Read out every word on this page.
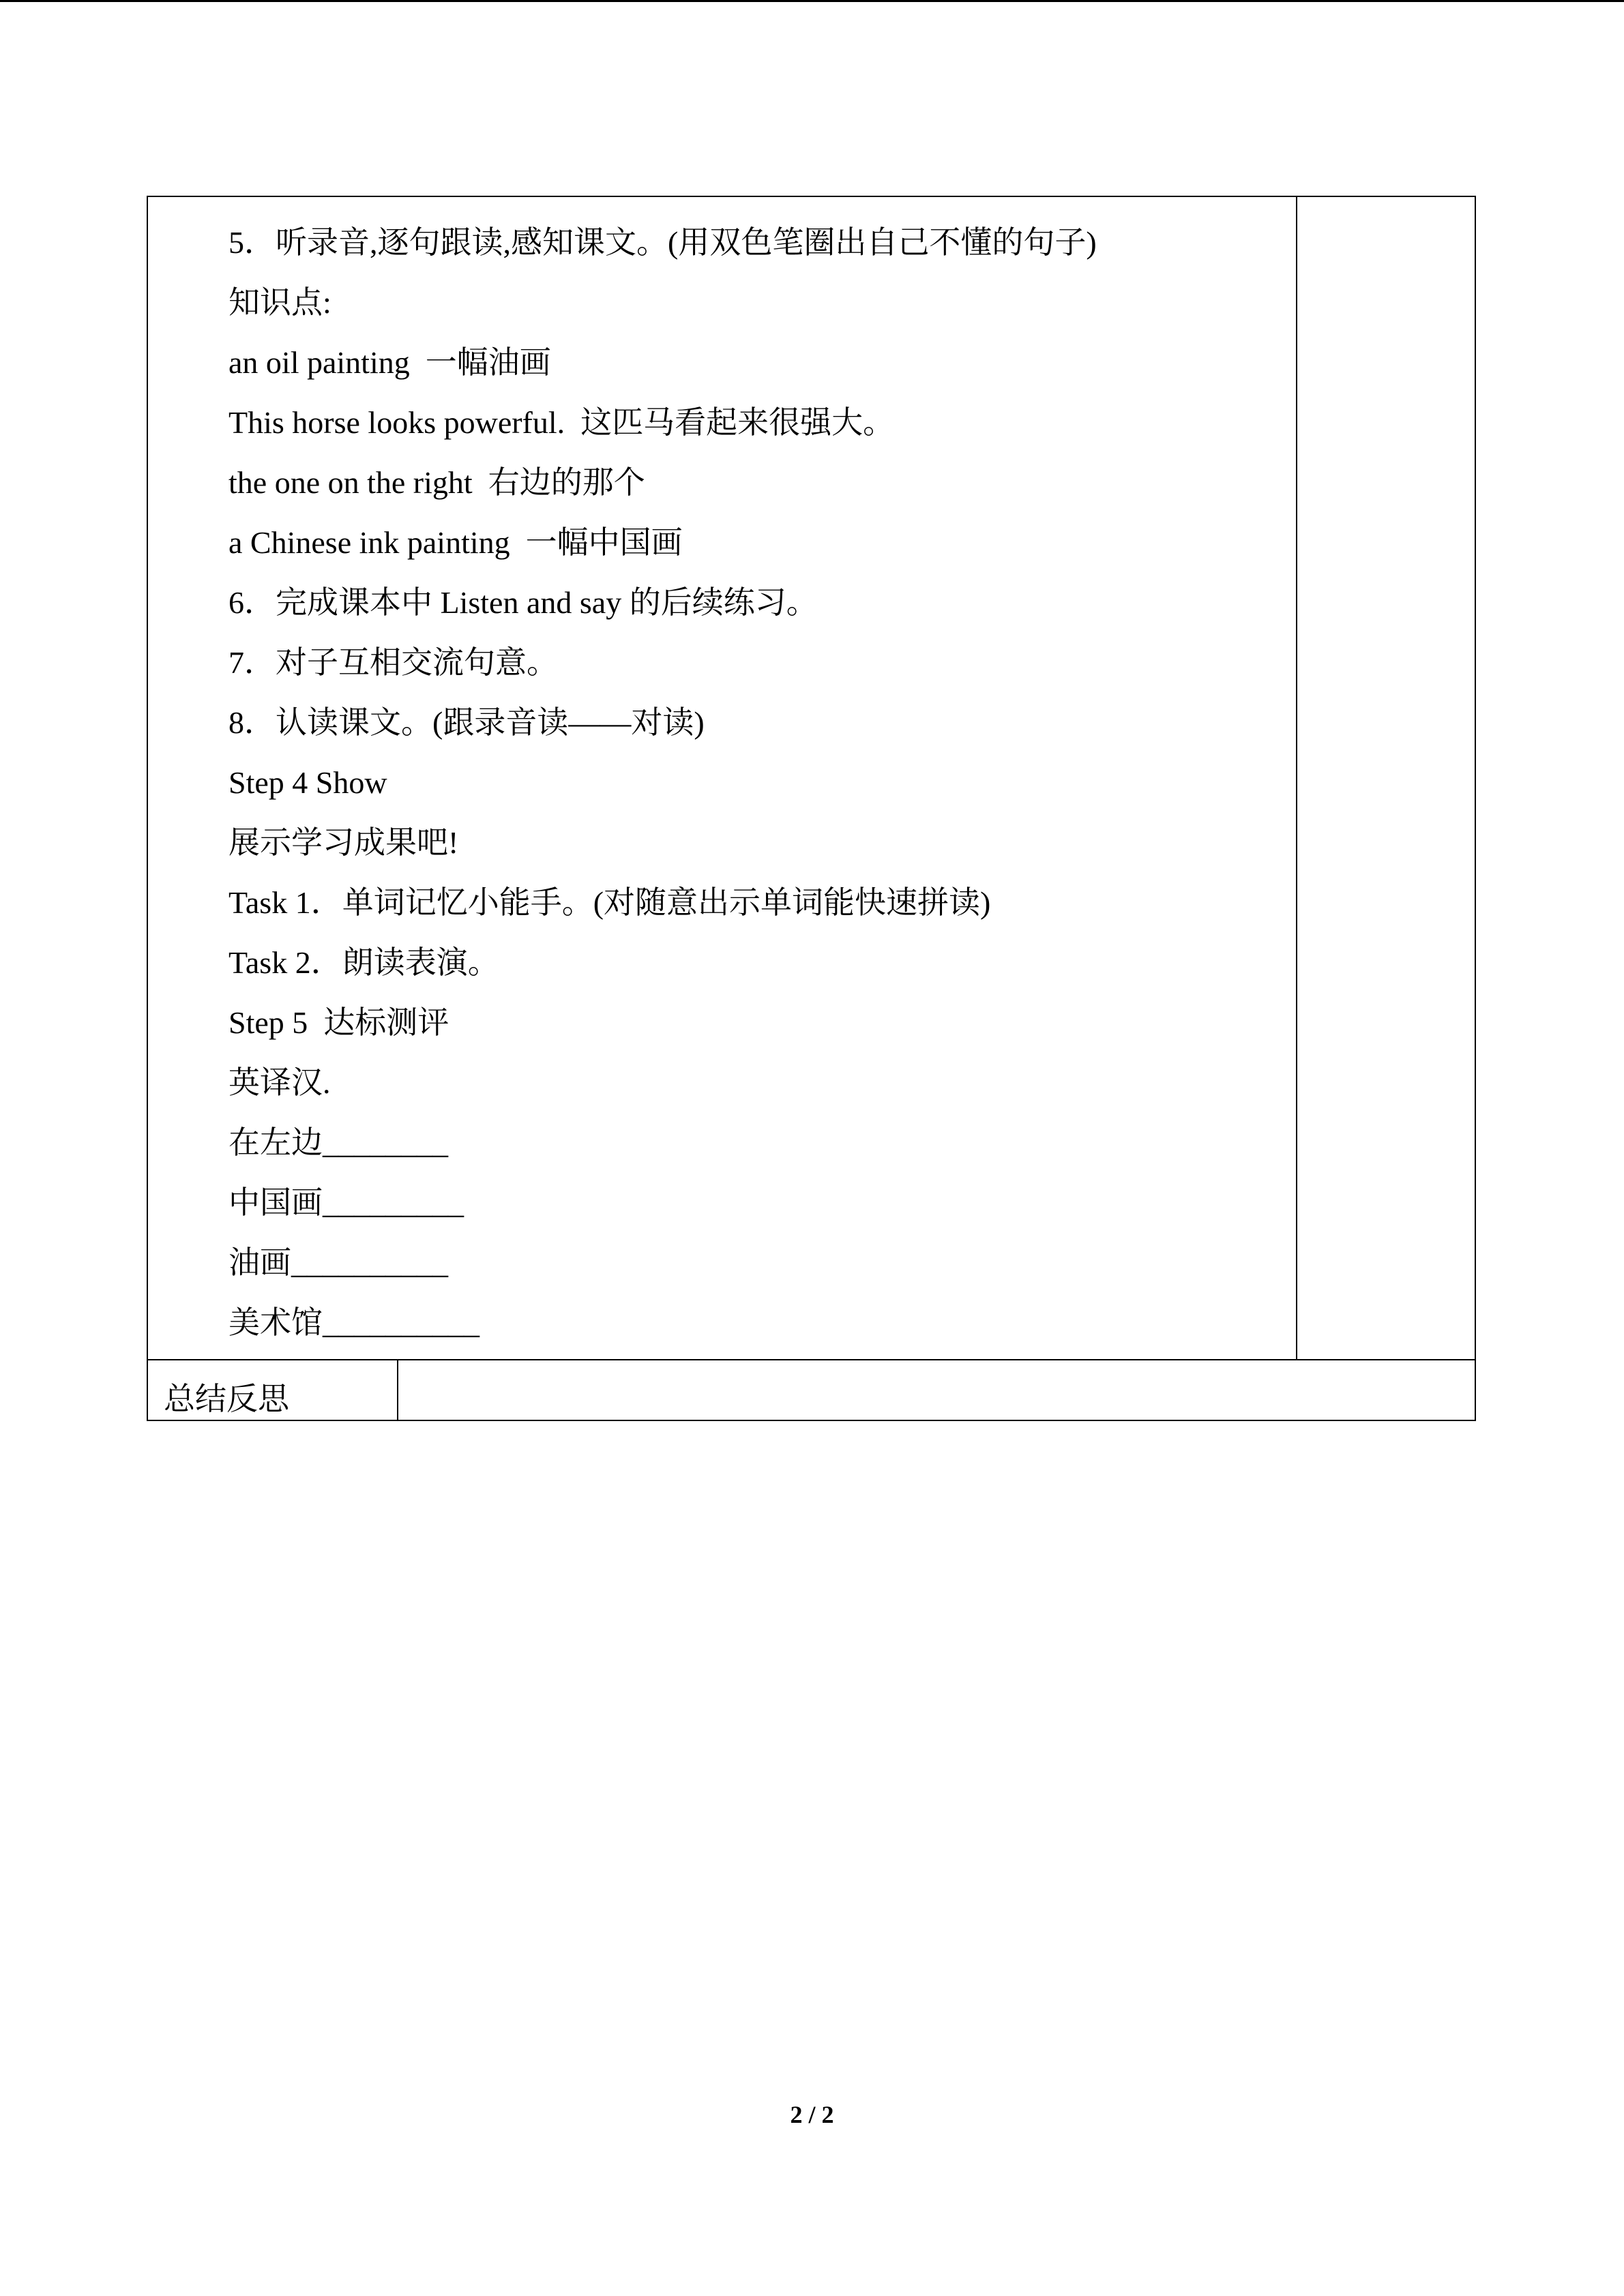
5．听录音,逐句跟读,感知课文。(用双色笔圈出自己不懂的句子)
知识点:
an oil painting  一幅油画
This horse looks powerful.  这匹马看起来很强大。
the one on the right  右边的那个
a Chinese ink painting  一幅中国画
6．完成课本中 Listen and say 的后续练习。
7．对子互相交流句意。
8．认读课文。(跟录音读——对读)
Step 4 Show
展示学习成果吧!
Task 1．单词记忆小能手。(对随意出示单词能快速拼读)
Task 2．朗读表演。
Step 5  达标测评
英译汉.
在左边________
中国画_________
油画__________
美术馆__________
总结反思
2 / 2
